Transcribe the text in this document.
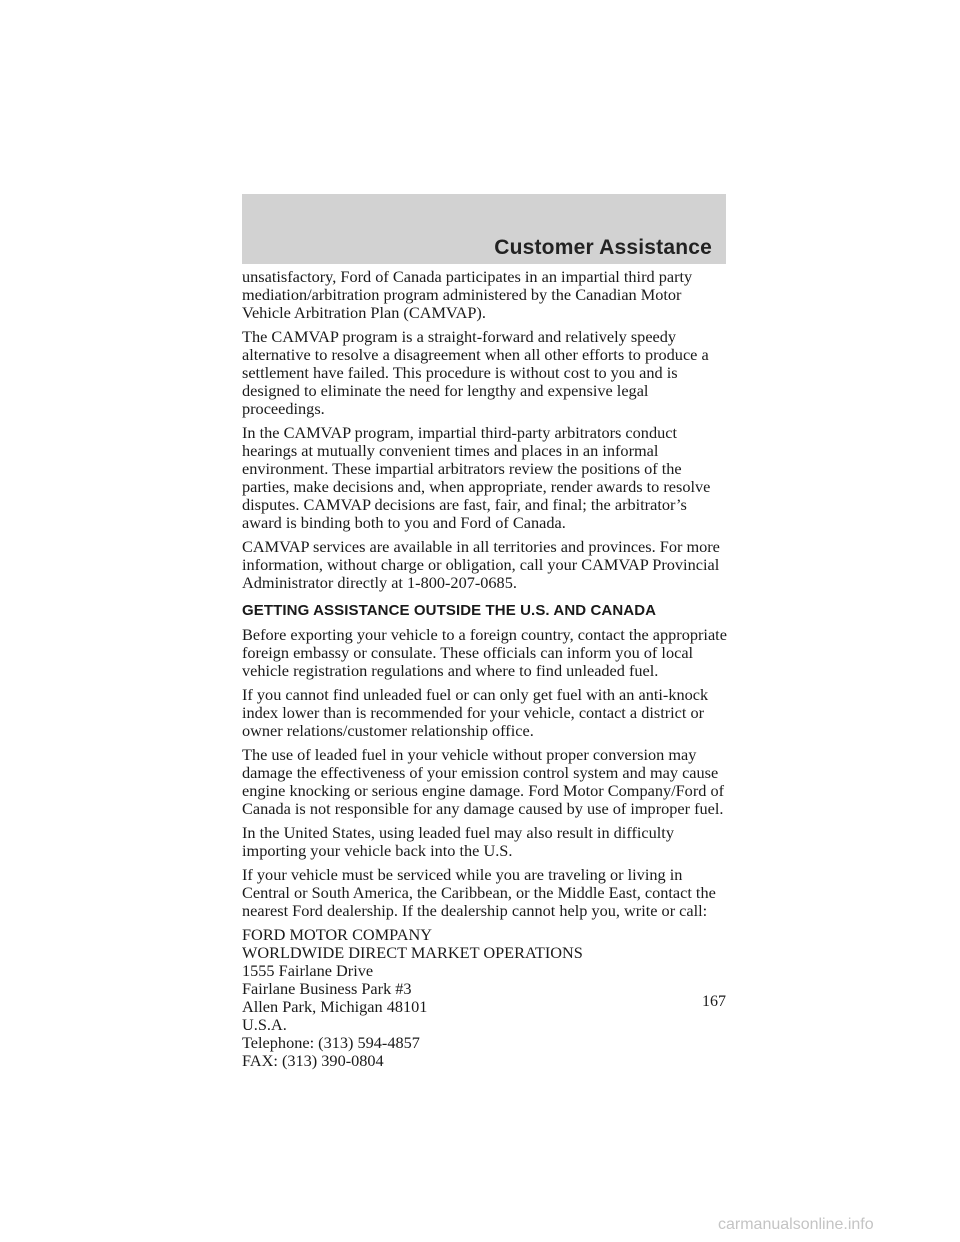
Customer Assistance

unsatisfactory, Ford of Canada participates in an impartial third party mediation/arbitration program administered by the Canadian Motor Vehicle Arbitration Plan (CAMVAP).

The CAMVAP program is a straight-forward and relatively speedy alternative to resolve a disagreement when all other efforts to produce a settlement have failed. This procedure is without cost to you and is designed to eliminate the need for lengthy and expensive legal proceedings.

In the CAMVAP program, impartial third-party arbitrators conduct hearings at mutually convenient times and places in an informal environment. These impartial arbitrators review the positions of the parties, make decisions and, when appropriate, render awards to resolve disputes. CAMVAP decisions are fast, fair, and final; the arbitrator’s award is binding both to you and Ford of Canada.

CAMVAP services are available in all territories and provinces. For more information, without charge or obligation, call your CAMVAP Provincial Administrator directly at 1-800-207-0685.

GETTING ASSISTANCE OUTSIDE THE U.S. AND CANADA

Before exporting your vehicle to a foreign country, contact the appropriate foreign embassy or consulate. These officials can inform you of local vehicle registration regulations and where to find unleaded fuel.

If you cannot find unleaded fuel or can only get fuel with an anti-knock index lower than is recommended for your vehicle, contact a district or owner relations/customer relationship office.

The use of leaded fuel in your vehicle without proper conversion may damage the effectiveness of your emission control system and may cause engine knocking or serious engine damage. Ford Motor Company/Ford of Canada is not responsible for any damage caused by use of improper fuel.

In the United States, using leaded fuel may also result in difficulty importing your vehicle back into the U.S.

If your vehicle must be serviced while you are traveling or living in Central or South America, the Caribbean, or the Middle East, contact the nearest Ford dealership. If the dealership cannot help you, write or call:

FORD MOTOR COMPANY
WORLDWIDE DIRECT MARKET OPERATIONS
1555 Fairlane Drive
Fairlane Business Park #3
Allen Park, Michigan 48101
U.S.A.
Telephone: (313) 594-4857
FAX: (313) 390-0804
167
carmanualsonline.info
